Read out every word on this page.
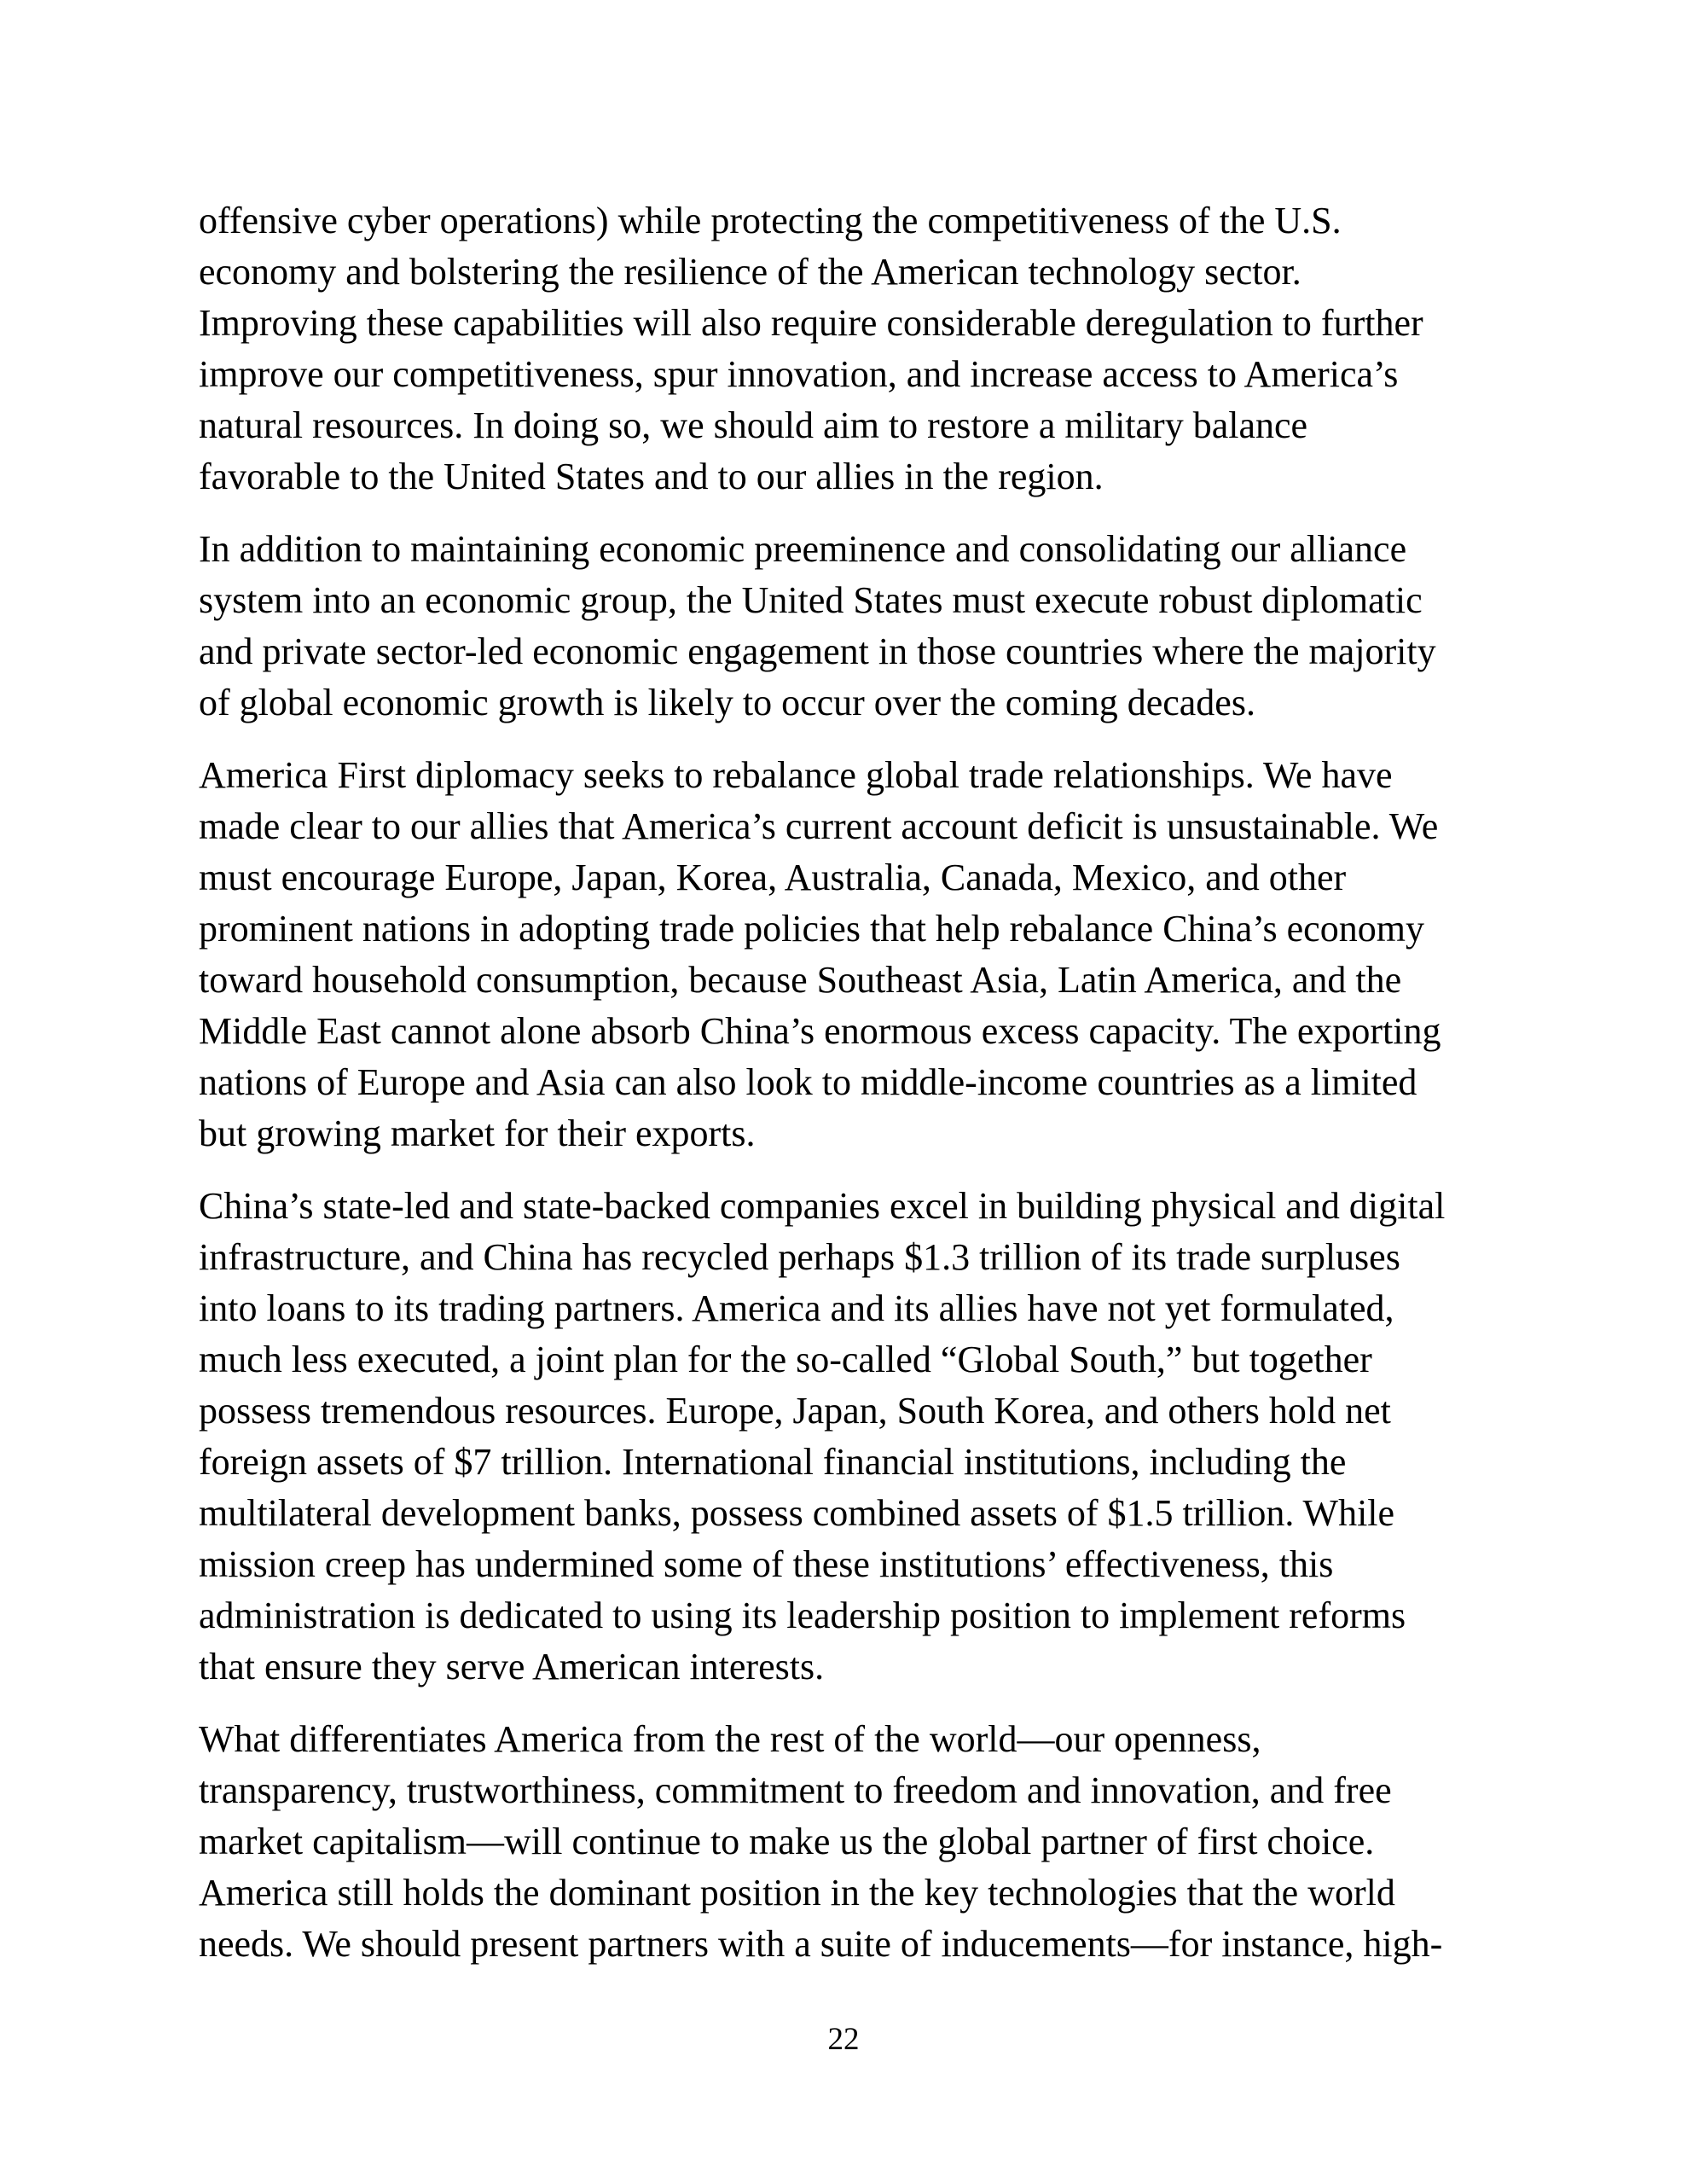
offensive cyber operations) while protecting the competitiveness of the U.S.
economy and bolstering the resilience of the American technology sector.
Improving these capabilities will also require considerable deregulation to further
improve our competitiveness, spur innovation, and increase access to America’s
natural resources. In doing so, we should aim to restore a military balance
favorable to the United States and to our allies in the region.
In addition to maintaining economic preeminence and consolidating our alliance
system into an economic group, the United States must execute robust diplomatic
and private sector-led economic engagement in those countries where the majority
of global economic growth is likely to occur over the coming decades.
America First diplomacy seeks to rebalance global trade relationships. We have
made clear to our allies that America’s current account deficit is unsustainable. We
must encourage Europe, Japan, Korea, Australia, Canada, Mexico, and other
prominent nations in adopting trade policies that help rebalance China’s economy
toward household consumption, because Southeast Asia, Latin America, and the
Middle East cannot alone absorb China’s enormous excess capacity. The exporting
nations of Europe and Asia can also look to middle-income countries as a limited
but growing market for their exports.
China’s state-led and state-backed companies excel in building physical and digital
infrastructure, and China has recycled perhaps $1.3 trillion of its trade surpluses
into loans to its trading partners. America and its allies have not yet formulated,
much less executed, a joint plan for the so-called “Global South,” but together
possess tremendous resources. Europe, Japan, South Korea, and others hold net
foreign assets of $7 trillion. International financial institutions, including the
multilateral development banks, possess combined assets of $1.5 trillion. While
mission creep has undermined some of these institutions’ effectiveness, this
administration is dedicated to using its leadership position to implement reforms
that ensure they serve American interests.
What differentiates America from the rest of the world—our openness,
transparency, trustworthiness, commitment to freedom and innovation, and free
market capitalism—will continue to make us the global partner of first choice.
America still holds the dominant position in the key technologies that the world
needs. We should present partners with a suite of inducements—for instance, high-
22
